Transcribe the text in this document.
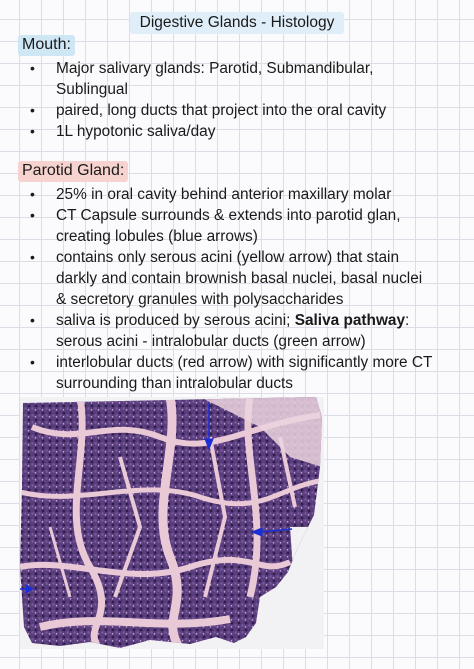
Digestive Glands - Histology
Mouth:
• Major salivary glands: Parotid, Submandibular, Sublingual
• paired, long ducts that project into the oral cavity
• 1L hypotonic saliva/day
Parotid Gland:
• 25% in oral cavity behind anterior maxillary molar
• CT Capsule surrounds & extends into parotid glan, creating lobules (blue arrows)
• contains only serous acini (yellow arrow) that stain darkly and contain brownish basal nuclei, basal nuclei & secretory granules with polysaccharides
• saliva is produced by serous acini; Saliva pathway: serous acini - intralobular ducts (green arrow)
• interlobular ducts (red arrow) with significantly more CT surrounding than intralobular ducts
